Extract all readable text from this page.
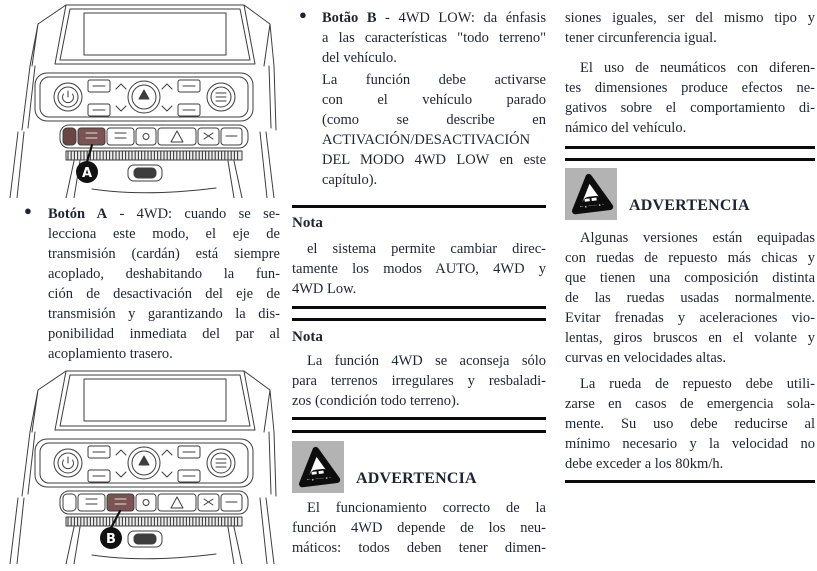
A
● Botón A - 4WD: cuando se se-
lecciona este modo, el eje de
transmisión (cardán) está siempre
acoplado, deshabitando la fun-
ción de desactivación del eje de
transmisión y garantizando la dis-
ponibilidad inmediata del par al
acoplamiento trasero.
B
● Botão B - 4WD LOW: da énfasis
a las características "todo terreno"
del vehículo.
La función debe activarse
con el vehículo parado
(como se describe en
ACTIVACIÓN/DESACTIVACIÓN
DEL MODO 4WD LOW en este
capítulo).
Nota
el sistema permite cambiar direc-
tamente los modos AUTO, 4WD y
4WD Low.
Nota
La función 4WD se aconseja sólo
para terrenos irregulares y resbaladi-
zos (condición todo terreno).
ADVERTENCIA
El funcionamiento correcto de la
función 4WD depende de los neu-
máticos: todos deben tener dimen-
siones iguales, ser del mismo tipo y
tener circunferencia igual.
El uso de neumáticos con diferen-
tes dimensiones produce efectos ne-
gativos sobre el comportamiento di-
námico del vehículo.
ADVERTENCIA
Algunas versiones están equipadas
con ruedas de repuesto más chicas y
que tienen una composición distinta
de las ruedas usadas normalmente.
Evitar frenadas y aceleraciones vio-
lentas, giros bruscos en el volante y
curvas en velocidades altas.
La rueda de repuesto debe utili-
zarse en casos de emergencia sola-
mente. Su uso debe reducirse al
mínimo necesario y la velocidad no
debe exceder a los 80km/h.
